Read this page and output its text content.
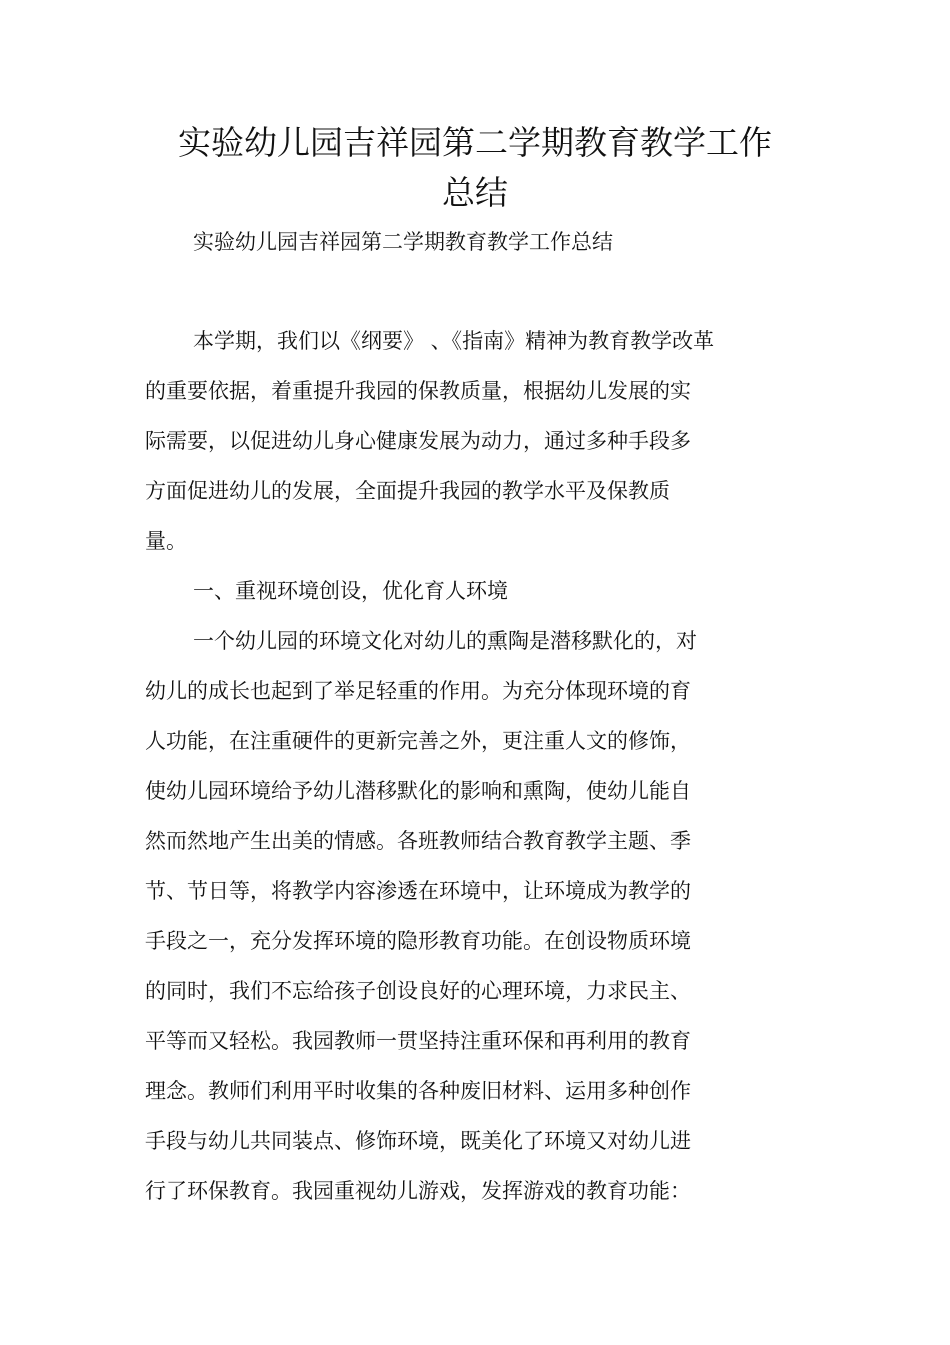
实验幼儿园吉祥园第二学期教育教学工作
总结
实验幼儿园吉祥园第二学期教育教学工作总结
本学期，我们以《纲要》 、《指南》精神为教育教学改革
的重要依据，着重提升我园的保教质量，根据幼儿发展的实
际需要，以促进幼儿身心健康发展为动力，通过多种手段多
方面促进幼儿的发展，全面提升我园的教学水平及保教质
量。
一、重视环境创设，优化育人环境
一个幼儿园的环境文化对幼儿的熏陶是潜移默化的，对
幼儿的成长也起到了举足轻重的作用。为充分体现环境的育
人功能，在注重硬件的更新完善之外，更注重人文的修饰，
使幼儿园环境给予幼儿潜移默化的影响和熏陶，使幼儿能自
然而然地产生出美的情感。各班教师结合教育教学主题、季
节、节日等，将教学内容渗透在环境中，让环境成为教学的
手段之一，充分发挥环境的隐形教育功能。在创设物质环境
的同时，我们不忘给孩子创设良好的心理环境，力求民主、
平等而又轻松。我园教师一贯坚持注重环保和再利用的教育
理念。教师们利用平时收集的各种废旧材料、运用多种创作
手段与幼儿共同装点、修饰环境，既美化了环境又对幼儿进
行了环保教育。我园重视幼儿游戏，发挥游戏的教育功能：
